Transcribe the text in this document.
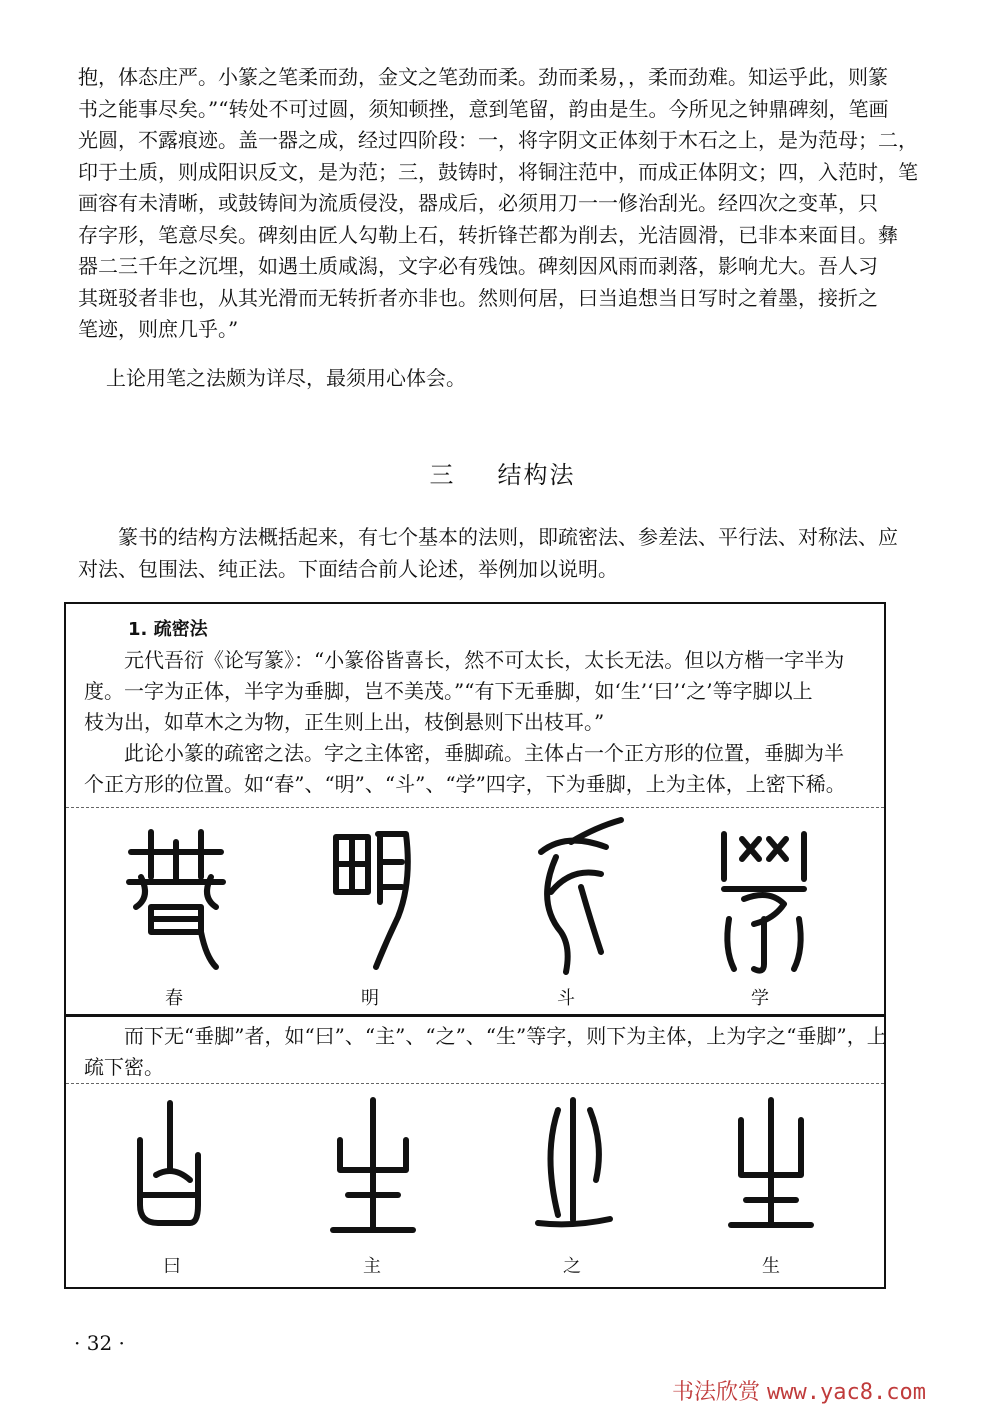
抱，体态庄严。小篆之笔柔而劲，金文之笔劲而柔。劲而柔易，，柔而劲难。知运乎此，则篆
书之能事尽矣。”“转处不可过圆，须知顿挫，意到笔留，韵由是生。今所见之钟鼎碑刻，笔画
光圆，不露痕迹。盖一器之成，经过四阶段：一，将字阴文正体刻于木石之上，是为范母；二，
印于土质，则成阳识反文，是为范；三，鼓铸时，将铜注范中，而成正体阴文；四，入范时，笔
画容有未清晰，或鼓铸间为流质侵没，器成后，必须用刀一一修治刮光。经四次之变革，只
存字形，笔意尽矣。碑刻由匠人勾勒上石，转折锋芒都为削去，光洁圆滑，已非本来面目。彝
器二三千年之沉埋，如遇土质咸潟，文字必有残蚀。碑刻因风雨而剥落，影响尤大。吾人习
其斑驳者非也，从其光滑而无转折者亦非也。然则何居，曰当追想当日写时之着墨，接折之
笔迹，则庶几乎。”
上论用笔之法颇为详尽，最须用心体会。
三 结构法
　　篆书的结构方法概括起来，有七个基本的法则，即疏密法、参差法、平行法、对称法、应
对法、包围法、纯正法。下面结合前人论述，举例加以说明。
1. 疏密法
　　元代吾衍《论写篆》：“小篆俗皆喜长，然不可太长，太长无法。但以方楷一字半为
度。一字为正体，半字为垂脚，岂不美茂。”“有下无垂脚，如‘生’‘曰’‘之’等字脚以上
枝为出，如草木之为物，正生则上出，枝倒悬则下出枝耳。”
　　此论小篆的疏密之法。字之主体密，垂脚疏。主体占一个正方形的位置，垂脚为半
个正方形的位置。如“春”、“明”、“斗”、“学”四字，下为垂脚，上为主体，上密下稀。
春	明	斗	学
　　而下无“垂脚”者，如“曰”、“主”、“之”、“生”等字，则下为主体，上为字之“垂脚”，上
疏下密。
曰	主	之	生
· 32 ·
书法欣赏 www.yac8.com
